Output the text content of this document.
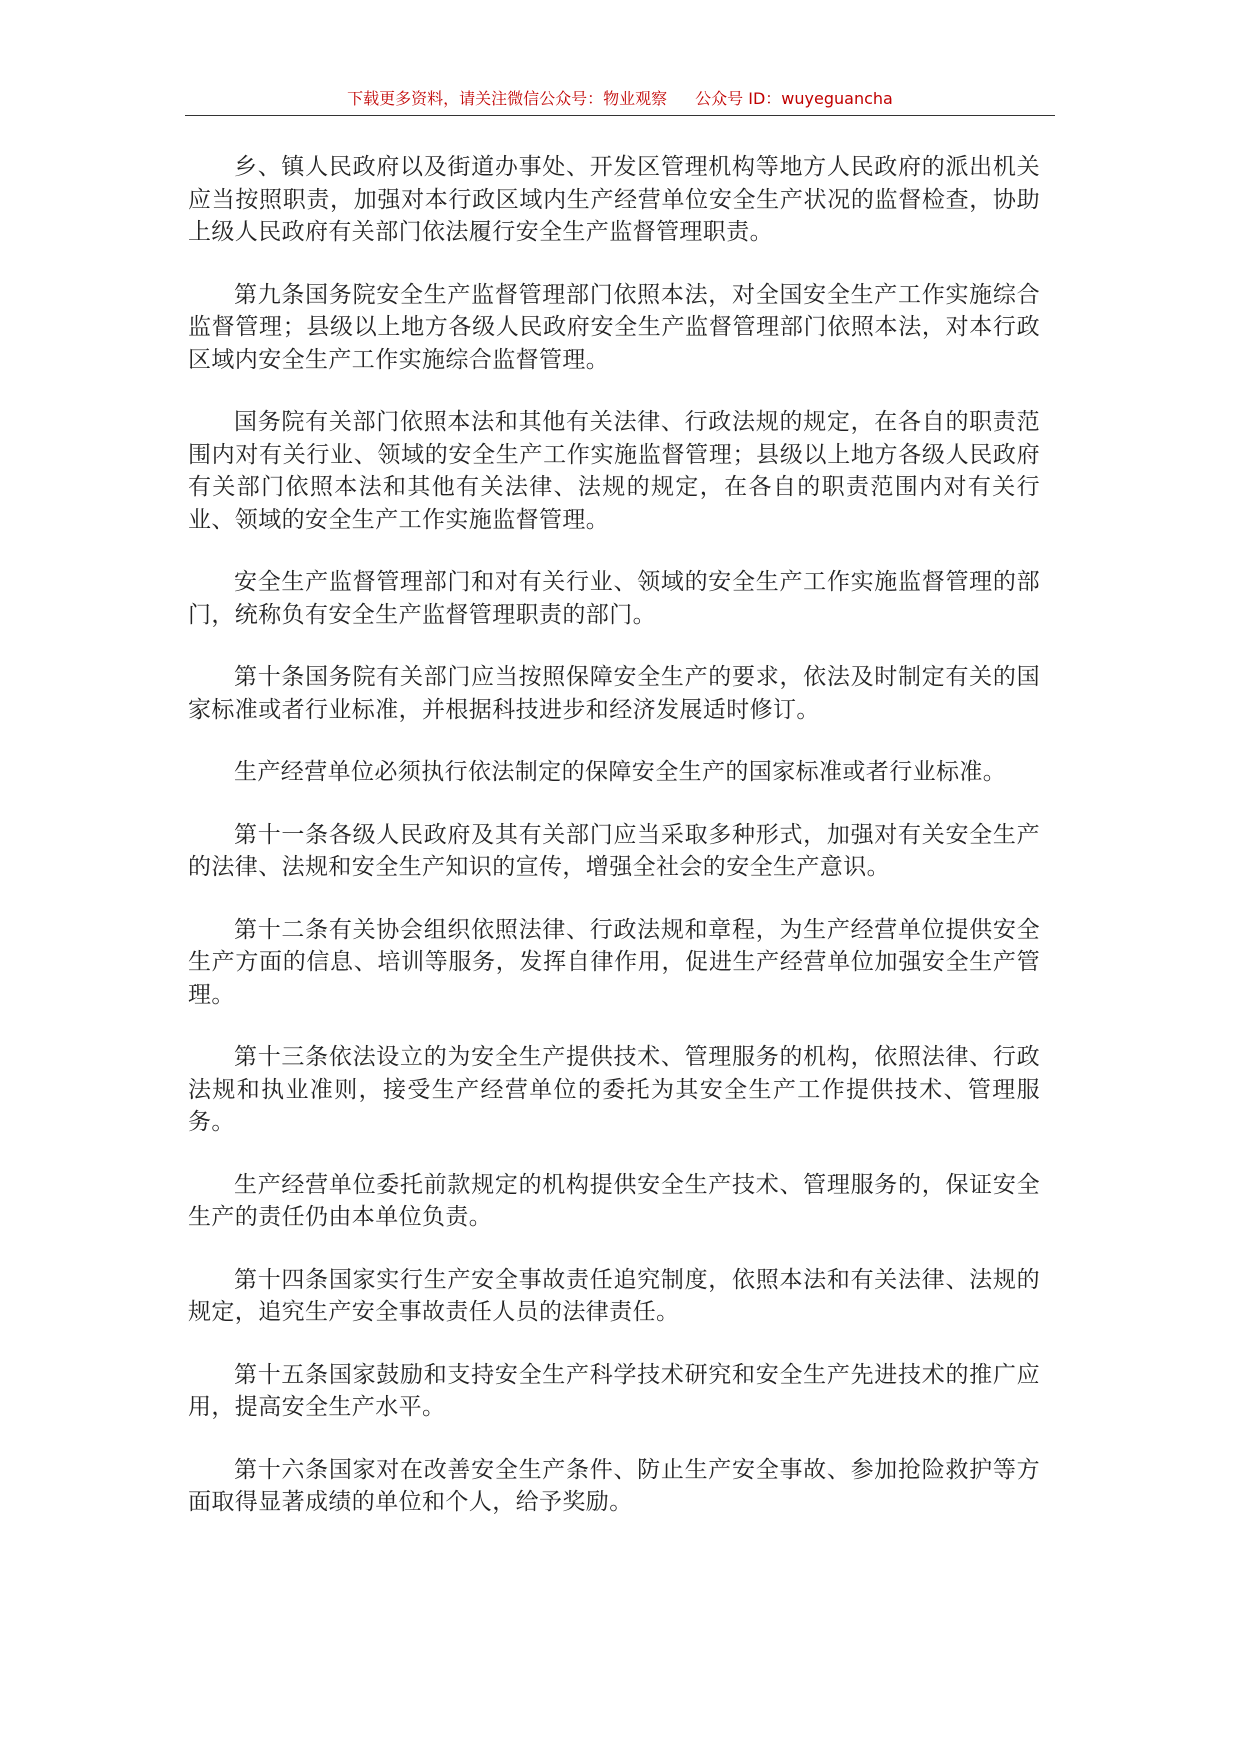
下载更多资料，请关注微信公众号：物业观察 公众号 ID：wuyeguancha

乡、镇人民政府以及街道办事处、开发区管理机构等地方人民政府的派出机关应当按照职责，加强对本行政区域内生产经营单位安全生产状况的监督检查，协助上级人民政府有关部门依法履行安全生产监督管理职责。

第九条国务院安全生产监督管理部门依照本法，对全国安全生产工作实施综合监督管理；县级以上地方各级人民政府安全生产监督管理部门依照本法，对本行政区域内安全生产工作实施综合监督管理。

国务院有关部门依照本法和其他有关法律、行政法规的规定，在各自的职责范围内对有关行业、领域的安全生产工作实施监督管理；县级以上地方各级人民政府有关部门依照本法和其他有关法律、法规的规定，在各自的职责范围内对有关行业、领域的安全生产工作实施监督管理。

安全生产监督管理部门和对有关行业、领域的安全生产工作实施监督管理的部门，统称负有安全生产监督管理职责的部门。

第十条国务院有关部门应当按照保障安全生产的要求，依法及时制定有关的国家标准或者行业标准，并根据科技进步和经济发展适时修订。

生产经营单位必须执行依法制定的保障安全生产的国家标准或者行业标准。

第十一条各级人民政府及其有关部门应当采取多种形式，加强对有关安全生产的法律、法规和安全生产知识的宣传，增强全社会的安全生产意识。

第十二条有关协会组织依照法律、行政法规和章程，为生产经营单位提供安全生产方面的信息、培训等服务，发挥自律作用，促进生产经营单位加强安全生产管理。

第十三条依法设立的为安全生产提供技术、管理服务的机构，依照法律、行政法规和执业准则，接受生产经营单位的委托为其安全生产工作提供技术、管理服务。

生产经营单位委托前款规定的机构提供安全生产技术、管理服务的，保证安全生产的责任仍由本单位负责。

第十四条国家实行生产安全事故责任追究制度，依照本法和有关法律、法规的规定，追究生产安全事故责任人员的法律责任。

第十五条国家鼓励和支持安全生产科学技术研究和安全生产先进技术的推广应用，提高安全生产水平。

第十六条国家对在改善安全生产条件、防止生产安全事故、参加抢险救护等方面取得显著成绩的单位和个人，给予奖励。
